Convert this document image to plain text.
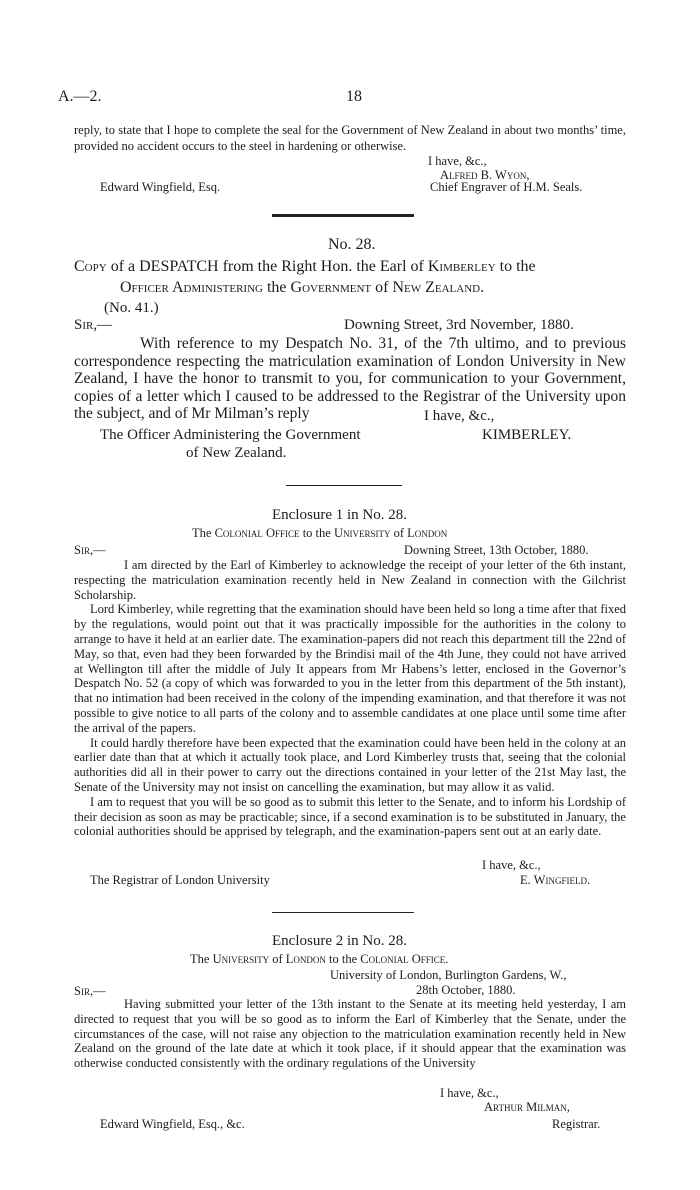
A.—2.	18

reply, to state that I hope to complete the seal for the Government of New Zealand in about two months’ time, provided no accident occurs to the steel in hardening or otherwise.

I have, &c.,
Alfred B. Wyon,
Edward Wingfield, Esq.	Chief Engraver of H.M. Seals.
No. 28.
Copy of a DESPATCH from the Right Hon. the Earl of Kimberley to the
Officer Administering the Government of New Zealand.
(No. 41.)
Sir,—	Downing Street, 3rd November, 1880.

With reference to my Despatch No. 31, of the 7th ultimo, and to previous correspondence respecting the matriculation examination of London University in New Zealand, I have the honor to transmit to you, for communication to your Government, copies of a letter which I caused to be addressed to the Registrar of the University upon the subject, and of Mr Milman’s reply	I have, &c.,
The Officer Administering the Government	KIMBERLEY.
of New Zealand.
Enclosure 1 in No. 28.
The Colonial Office to the University of London
Sir,—	Downing Street, 13th October, 1880.

I am directed by the Earl of Kimberley to acknowledge the receipt of your letter of the 6th instant, respecting the matriculation examination recently held in New Zealand in connection with the Gilchrist Scholarship.

Lord Kimberley, while regretting that the examination should have been held so long a time after that fixed by the regulations, would point out that it was practically impossible for the authorities in the colony to arrange to have it held at an earlier date. The examination-papers did not reach this department till the 22nd of May, so that, even had they been forwarded by the Brindisi mail of the 4th June, they could not have arrived at Wellington till after the middle of July It appears from Mr Habens’s letter, enclosed in the Governor’s Despatch No. 52 (a copy of which was forwarded to you in the letter from this department of the 5th instant), that no intimation had been received in the colony of the impending examination, and that therefore it was not possible to give notice to all parts of the colony and to assemble candidates at one place until some time after the arrival of the papers.

It could hardly therefore have been expected that the examination could have been held in the colony at an earlier date than that at which it actually took place, and Lord Kimberley trusts that, seeing that the colonial authorities did all in their power to carry out the directions contained in your letter of the 21st May last, the Senate of the University may not insist on cancelling the examination, but may allow it as valid.

I am to request that you will be so good as to submit this letter to the Senate, and to inform his Lordship of their decision as soon as may be practicable; since, if a second examination is to be substituted in January, the colonial authorities should be apprised by telegraph, and the examination-papers sent out at an early date.

I have, &c.,
The Registrar of London University	E. Wingfield.
Enclosure 2 in No. 28.
The University of London to the Colonial Office.
University of London, Burlington Gardens, W.,
Sir,—	28th October, 1880.

Having submitted your letter of the 13th instant to the Senate at its meeting held yesterday, I am directed to request that you will be so good as to inform the Earl of Kimberley that the Senate, under the circumstances of the case, will not raise any objection to the matriculation examination recently held in New Zealand on the ground of the late date at which it took place, if it should appear that the examination was otherwise conducted consistently with the ordinary regulations of the University

I have, &c.,
Arthur Milman,
Edward Wingfield, Esq., &c.	Registrar.
